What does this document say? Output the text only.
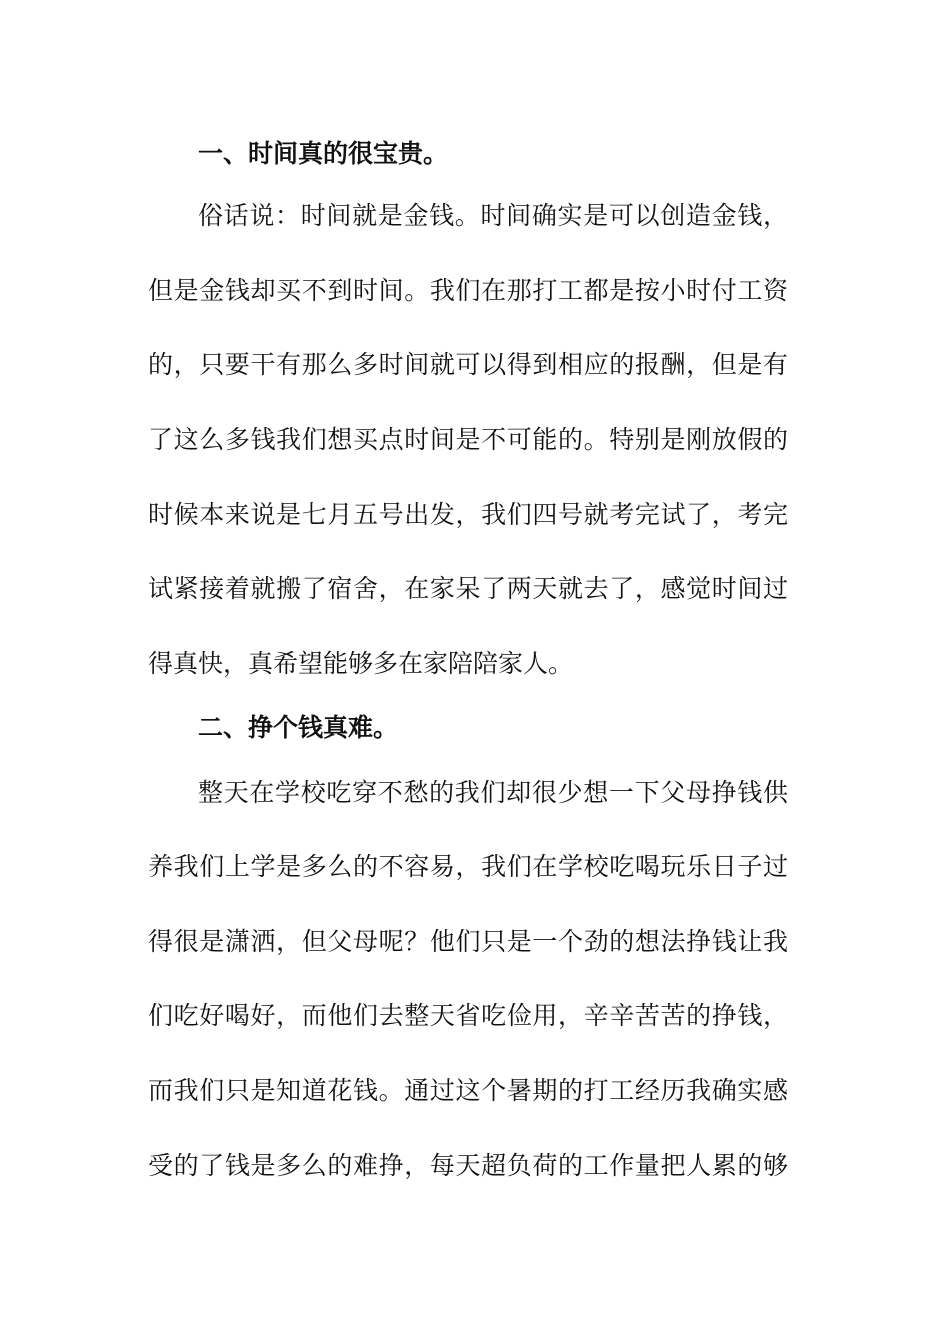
一、时间真的很宝贵。
俗话说：时间就是金钱。时间确实是可以创造金钱，
但是金钱却买不到时间。我们在那打工都是按小时付工资
的，只要干有那么多时间就可以得到相应的报酬，但是有
了这么多钱我们想买点时间是不可能的。特别是刚放假的
时候本来说是七月五号出发，我们四号就考完试了，考完
试紧接着就搬了宿舍，在家呆了两天就去了，感觉时间过
得真快，真希望能够多在家陪陪家人。
二、挣个钱真难。
整天在学校吃穿不愁的我们却很少想一下父母挣钱供
养我们上学是多么的不容易，我们在学校吃喝玩乐日子过
得很是潇洒，但父母呢？他们只是一个劲的想法挣钱让我
们吃好喝好，而他们去整天省吃俭用，辛辛苦苦的挣钱，
而我们只是知道花钱。通过这个暑期的打工经历我确实感
受的了钱是多么的难挣，每天超负荷的工作量把人累的够
